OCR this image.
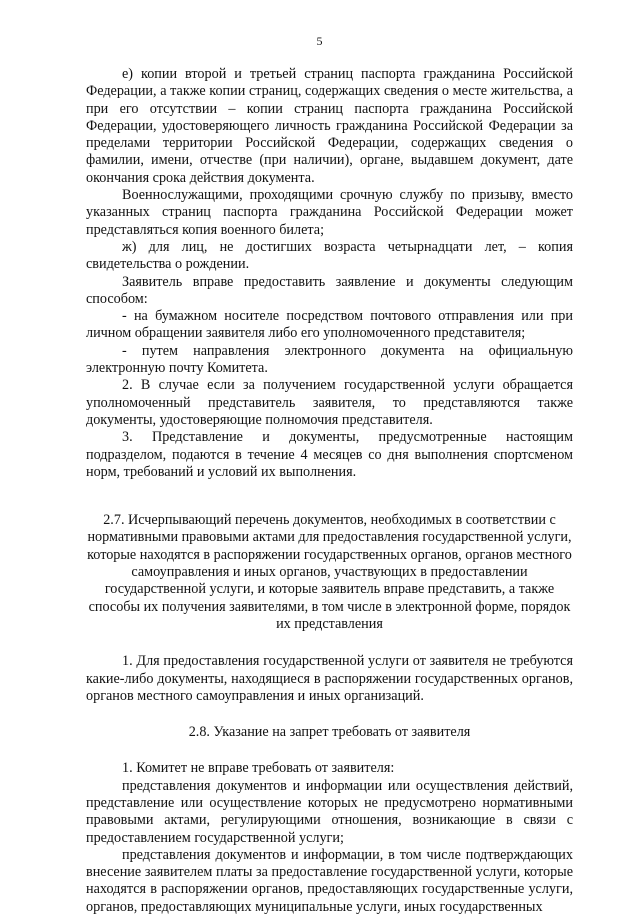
5

е) копии второй и третьей страниц паспорта гражданина Российской Федерации, а также копии страниц, содержащих сведения о месте жительства, а при его отсутствии – копии страниц паспорта гражданина Российской Федерации, удостоверяющего личность гражданина Российской Федерации за пределами территории Российской Федерации, содержащих сведения о фамилии, имени, отчестве (при наличии), органе, выдавшем документ, дате окончания срока действия документа.

Военнослужащими, проходящими срочную службу по призыву, вместо указанных страниц паспорта гражданина Российской Федерации может представляться копия военного билета;

ж) для лиц, не достигших возраста четырнадцати лет, – копия свидетельства о рождении.

Заявитель вправе предоставить заявление и документы следующим способом:

- на бумажном носителе посредством почтового отправления или при личном обращении заявителя либо его уполномоченного представителя;

- путем направления электронного документа на официальную электронную почту Комитета.

2. В случае если за получением государственной услуги обращается уполномоченный представитель заявителя, то представляются также документы, удостоверяющие полномочия представителя.

3. Представление и документы, предусмотренные настоящим подразделом, подаются в течение 4 месяцев со дня выполнения спортсменом норм, требований и условий их выполнения.

2.7. Исчерпывающий перечень документов, необходимых в соответствии с нормативными правовыми актами для предоставления государственной услуги, которые находятся в распоряжении государственных органов, органов местного самоуправления и иных органов, участвующих в предоставлении государственной услуги, и которые заявитель вправе представить, а также способы их получения заявителями, в том числе в электронной форме, порядок их представления

1. Для предоставления государственной услуги от заявителя не требуются какие-либо документы, находящиеся в распоряжении государственных органов, органов местного самоуправления и иных организаций.

2.8. Указание на запрет требовать от заявителя

1. Комитет не вправе требовать от заявителя:

представления документов и информации или осуществления действий, представление или осуществление которых не предусмотрено нормативными правовыми актами, регулирующими отношения, возникающие в связи с предоставлением государственной услуги;

представления документов и информации, в том числе подтверждающих внесение заявителем платы за предоставление государственной услуги, которые находятся в распоряжении органов, предоставляющих государственные услуги, органов, предоставляющих муниципальные услуги, иных государственных
